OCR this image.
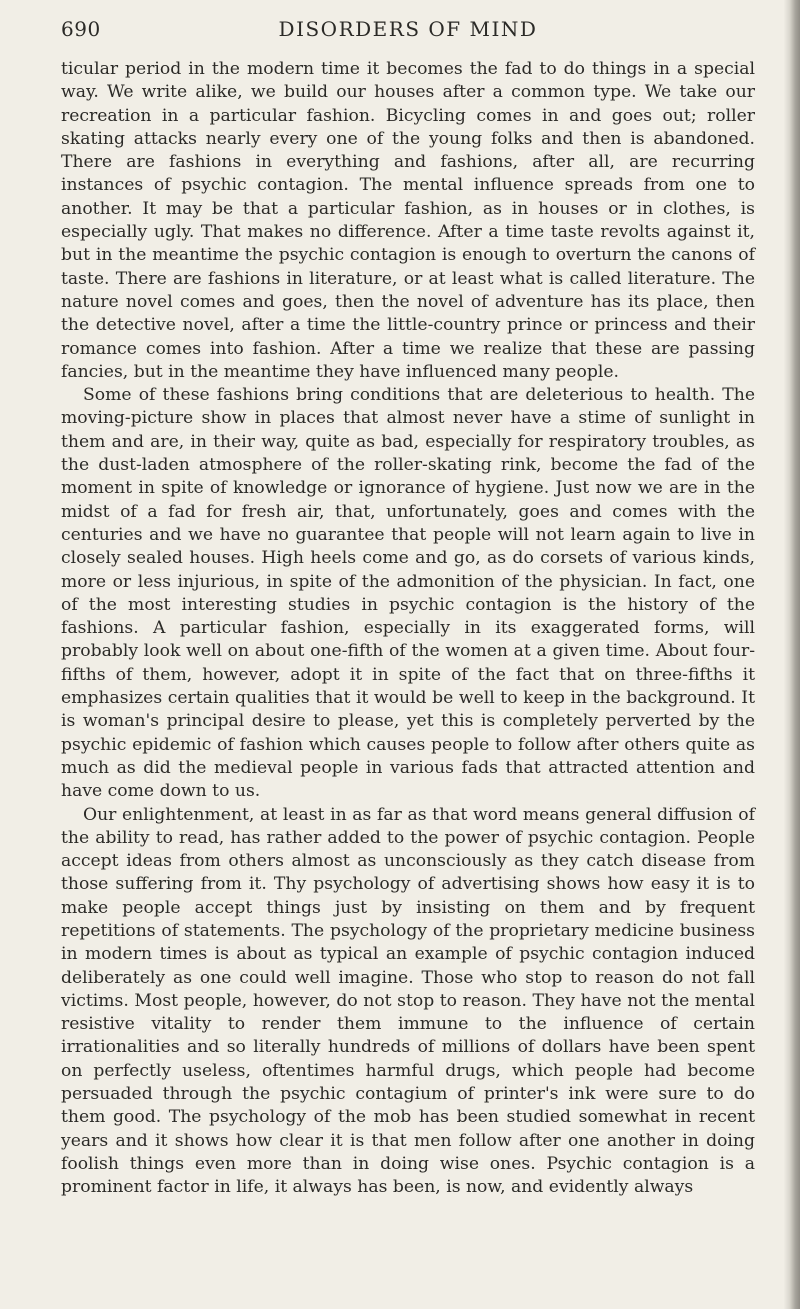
690	DISORDERS OF MIND

ticular period in the modern time it becomes the fad to do things in a special way. We write alike, we build our houses after a common type. We take our recreation in a particular fashion. Bicycling comes in and goes out; roller skating attacks nearly every one of the young folks and then is abandoned. There are fashions in everything and fashions, after all, are recurring instances of psychic contagion. The mental influence spreads from one to another. It may be that a particular fashion, as in houses or in clothes, is especially ugly. That makes no difference. After a time taste revolts against it, but in the meantime the psychic contagion is enough to overturn the canons of taste. There are fashions in literature, or at least what is called literature. The nature novel comes and goes, then the novel of adventure has its place, then the detective novel, after a time the little-country prince or princess and their romance comes into fashion. After a time we realize that these are passing fancies, but in the meantime they have influenced many people.

Some of these fashions bring conditions that are deleterious to health. The moving-picture show in places that almost never have a stime of sunlight in them and are, in their way, quite as bad, especially for respiratory troubles, as the dust-laden atmosphere of the roller-skating rink, become the fad of the moment in spite of knowledge or ignorance of hygiene. Just now we are in the midst of a fad for fresh air, that, unfortunately, goes and comes with the centuries and we have no guarantee that people will not learn again to live in closely sealed houses. High heels come and go, as do corsets of various kinds, more or less injurious, in spite of the admonition of the physician. In fact, one of the most interesting studies in psychic contagion is the history of the fashions. A particular fashion, especially in its exaggerated forms, will probably look well on about one-fifth of the women at a given time. About four-fifths of them, however, adopt it in spite of the fact that on three-fifths it emphasizes certain qualities that it would be well to keep in the background. It is woman's principal desire to please, yet this is completely perverted by the psychic epidemic of fashion which causes people to follow after others quite as much as did the medieval people in various fads that attracted attention and have come down to us.

Our enlightenment, at least in as far as that word means general diffusion of the ability to read, has rather added to the power of psychic contagion. People accept ideas from others almost as unconsciously as they catch disease from those suffering from it. Thy psychology of advertising shows how easy it is to make people accept things just by insisting on them and by frequent repetitions of statements. The psychology of the proprietary medicine business in modern times is about as typical an example of psychic contagion induced deliberately as one could well imagine. Those who stop to reason do not fall victims. Most people, however, do not stop to reason. They have not the mental resistive vitality to render them immune to the influence of certain irrationalities and so literally hundreds of millions of dollars have been spent on perfectly useless, oftentimes harmful drugs, which people had become persuaded through the psychic contagium of printer's ink were sure to do them good. The psychology of the mob has been studied somewhat in recent years and it shows how clear it is that men follow after one another in doing foolish things even more than in doing wise ones. Psychic contagion is a prominent factor in life, it always has been, is now, and evidently always
